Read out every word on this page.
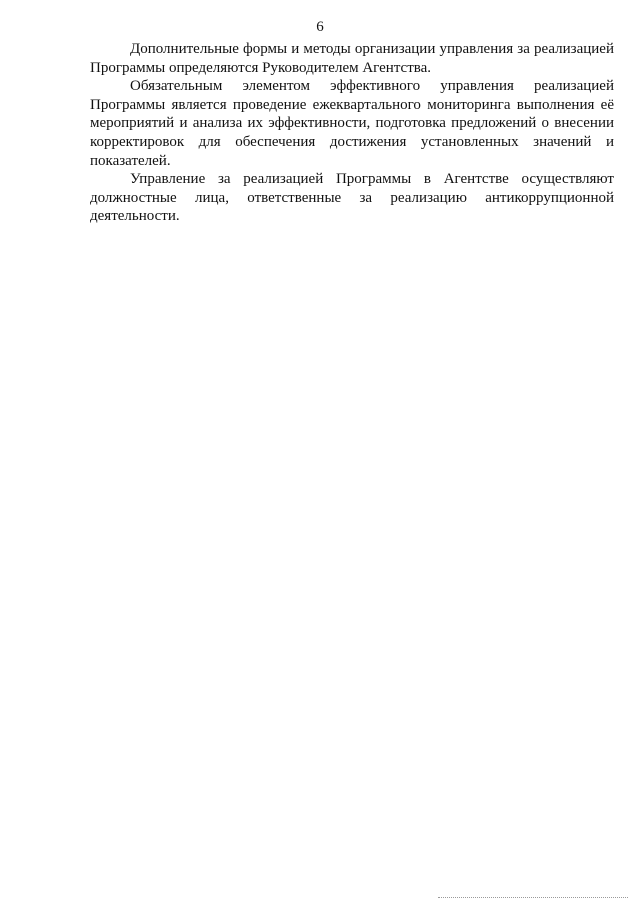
6

Дополнительные формы и методы организации управления за реализацией Программы определяются Руководителем Агентства.

Обязательным элементом эффективного управления реализацией Программы является проведение ежеквартального мониторинга выполнения её мероприятий и анализа их эффективности, подготовка предложений о внесении корректировок для обеспечения достижения установленных значений и показателей.

Управление за реализацией Программы в Агентстве осуществляют должностные лица, ответственные за реализацию антикоррупционной деятельности.
